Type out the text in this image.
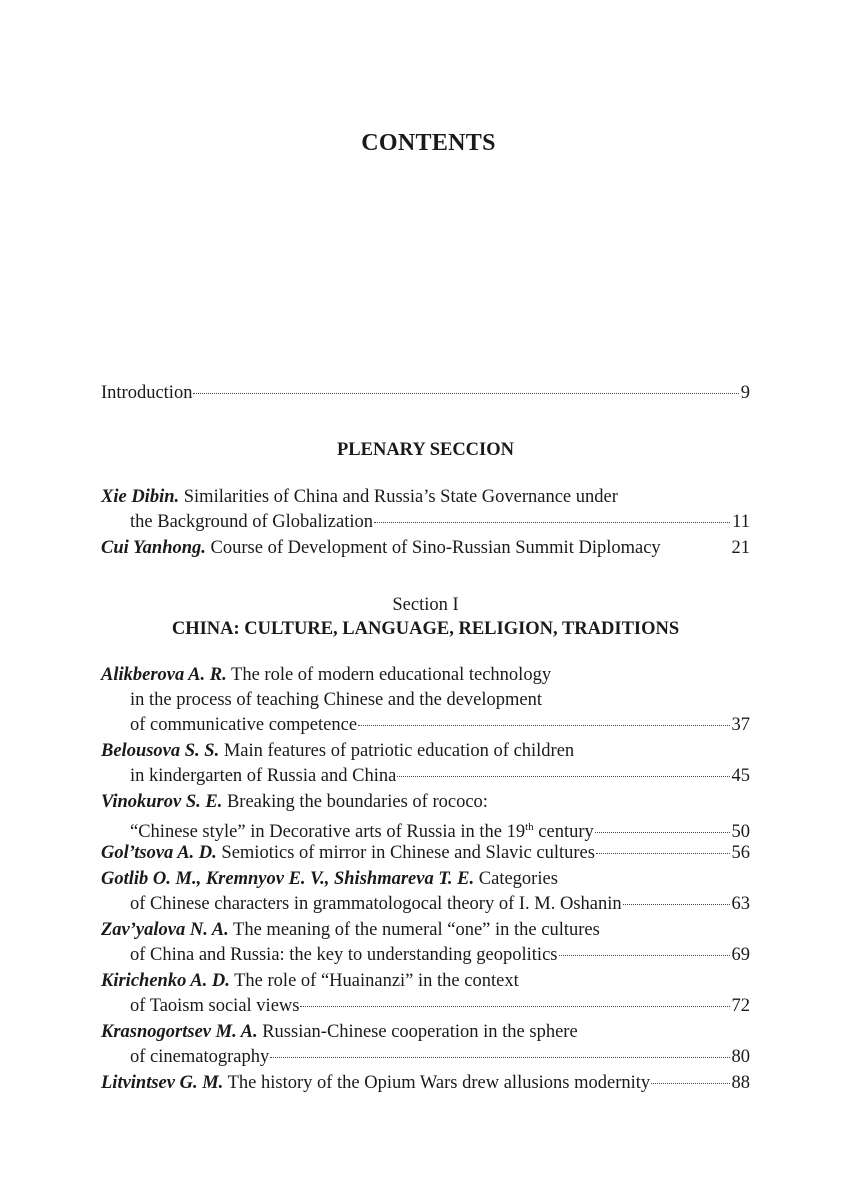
CONTENTS
Introduction	9
PLENARY SECCION
Xie Dibin. Similarities of China and Russia’s State Governance under
the Background of Globalization	11
Cui Yanhong. Course of Development of Sino-Russian Summit Diplomacy	21
Section I
CHINA: CULTURE, LANGUAGE, RELIGION, TRADITIONS
Alikberova A. R. The role of modern educational technology
in the process of teaching Chinese and the development
of communicative competence	37
Belousova S. S. Main features of patriotic education of children
in kindergarten of Russia and China	45
Vinokurov S. E. Breaking the boundaries of rococo:
“Chinese style” in Decorative arts of Russia in the 19th century	50
Gol’tsova A. D. Semiotics of mirror in Chinese and Slavic cultures	56
Gotlib O. M., Kremnyov E. V., Shishmareva T. E. Categories
of Chinese characters in grammatologocal theory of I. M. Oshanin	63
Zav’yalova N. A. The meaning of the numeral “one” in the cultures
of China and Russia: the key to understanding geopolitics	69
Kirichenko A. D. The role of “Huainanzi” in the context
of Taoism social views	72
Krasnogortsev M. A. Russian-Chinese cooperation in the sphere
of cinematography	80
Litvintsev G. M. The history of the Opium Wars drew allusions modernity	88
